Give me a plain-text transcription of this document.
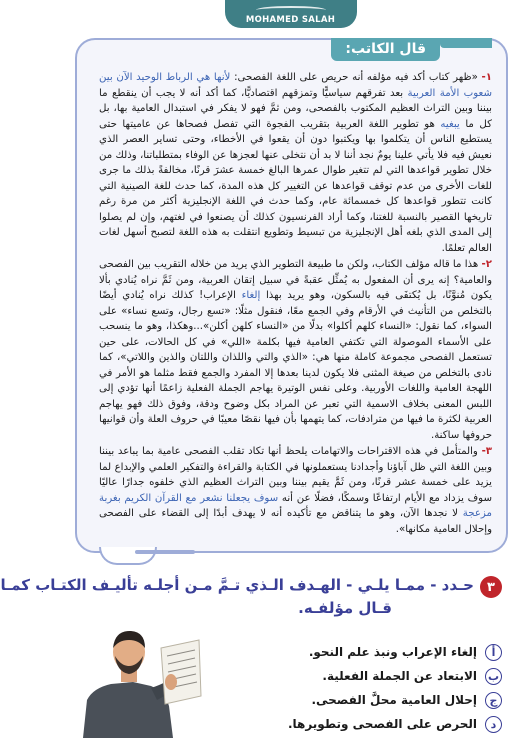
MOHAMED SALAH
قال الكاتب:

١- «ظهر كتاب أكد فيه مؤلفه أنه حريص على اللغة الفصحى: لأنها هي الرباط الوحيد الآن بين شعوب الأمة العربية بعد تفرقهم سياسيًّا وتمزقهم اقتصاديًّا، كما أكد أنه لا يجب أن ينقطع ما بيننا وبين التراث العظيم المكتوب بالفصحى، ومن ثمَّ فهو لا يفكر في استبدال العامية بها، بل كل ما يبغيه هو تطوير اللغة العربية بتقريب الفجوة التي تفصل فصحاها عن عاميتها حتى يستطيع الناس أن يتكلموا بها ويكتبوا دون أن يقعوا في الأخطاء، وحتى تساير العصر الذي نعيش فيه فلا يأتي علينا يومٌ نجد أننا لا بد أن نتخلى عنها لعجزها عن الوفاء بمتطلباتنا، وذلك من خلال تطوير قواعدها التي لم تتغير طوال عمرها البالغ خمسة عشرَ قرنًا، مخالفةً بذلك ما جرى للغات الأخرى من عدم توقف قواعدها عن التغيير كل هذه المدة، كما حدث للغة الصينية التي كانت تتطور قواعدها كل خمسمائة عام، وكما حدث في اللغة الإنجليزية أكثر من مرة رغم تاريخها القصير بالنسبة للغتنا، وكما أراد الفرنسيون كذلك أن يصنعوا في لغتهم، وإن لم يصلوا إلى المدى الذي بلغه أهل الإنجليزية من تبسيط وتطويع انتقلت به هذه اللغة لتصبح أسهل لغات العالم تعلمًا.

٢- هذا ما قاله مؤلف الكتاب، ولكن ما طبيعة التطوير الذي يريد من خلاله التقريب بين الفصحى والعامية؟ إنه يرى أن المفعول به يُمثِّل عقبةً في سبيل إتقان العربية، ومن ثَمَّ نراه يُنادي بألا يكون مُنوَّنًا، بل يُكتفَى فيه بالسكون، وهو يريد بهذا إلغاء الإعراب! كذلك نراه يُنادي أيضًا بالتخلص من التأنيث في الأرقام وفي الجمع معًا، فنقول مثلًا: «تسع رجال، وتسع نساء» على السواء، كما نقول: «النساء كلهم أكلوا» بدلًا من «النساء كلهن أكلن»...وهكذا، وهو ما ينسحب على الأسماء الموصولة التي تكتفي العامية فيها بكلمة «اللي» في كل الحالات، على حين تستعمل الفصحى مجموعة كاملة منها هي: «الذي والتي واللذان واللتان والذين واللاتي»، كما نادى بالتخلص من صيغة المثنى فلا يكون لدينا بعدها إلا المفرد والجمع فقط مثلما هو الأمر في اللهجة العامية واللغات الأوربية. وعلى نفس الوتيرة يهاجم الجملة الفعلية زاعمًا أنها تؤدي إلى اللبس المعنى بخلاف الاسمية التي تعبر عن المراد بكل وضوح ودقة، وفوق ذلك فهو يهاجم العربية لكثرة ما فيها من مترادفات، كما يتهمها بأن فيها نقصًا معيبًا في حروف العلة وأن قوانيها حروفها ساكنة.

٣- والمتأمل في هذه الاقتراحات والاتهامات يلحظ أنها تكاد تقلب الفصحى عامية بما يباعد بيننا وبين اللغة التي ظل آباؤنا وأجدادنا يستعملونها في الكتابة والقراءة والتفكير العلمي والإبداع لما يزيد على خمسة عشر قرنًا، ومن ثَمَّ يقيم بيننا وبين التراث العظيم الذي خلفوه جدارًا عاليًا سوف يزداد مع الأيام ارتفاعًا وسمكًا، فضلًا عن أنه سوف يجعلنا نشعر مع القرآن الكريم بغربة مزعجة لا نجدها الآن، وهو ما يتناقض مع تأكيده أنه لا يهدف أبدًا إلى القضاء على الفصحى وإحلال العامية مكانها».

٣
حـدد - ممـا يلـي - الهـدف الـذي تـمَّ مـن أجلـه تأليـف الكتـاب كمـا
قـال مؤلفـه.
أ
إلغاء الإعراب ونبذ علم النحو.
ب
الابتعاد عن الجملة الفعلية.
ج
إحلال العامية محلَّ الفصحى.
د
الحرص على الفصحى وتطويرها.
